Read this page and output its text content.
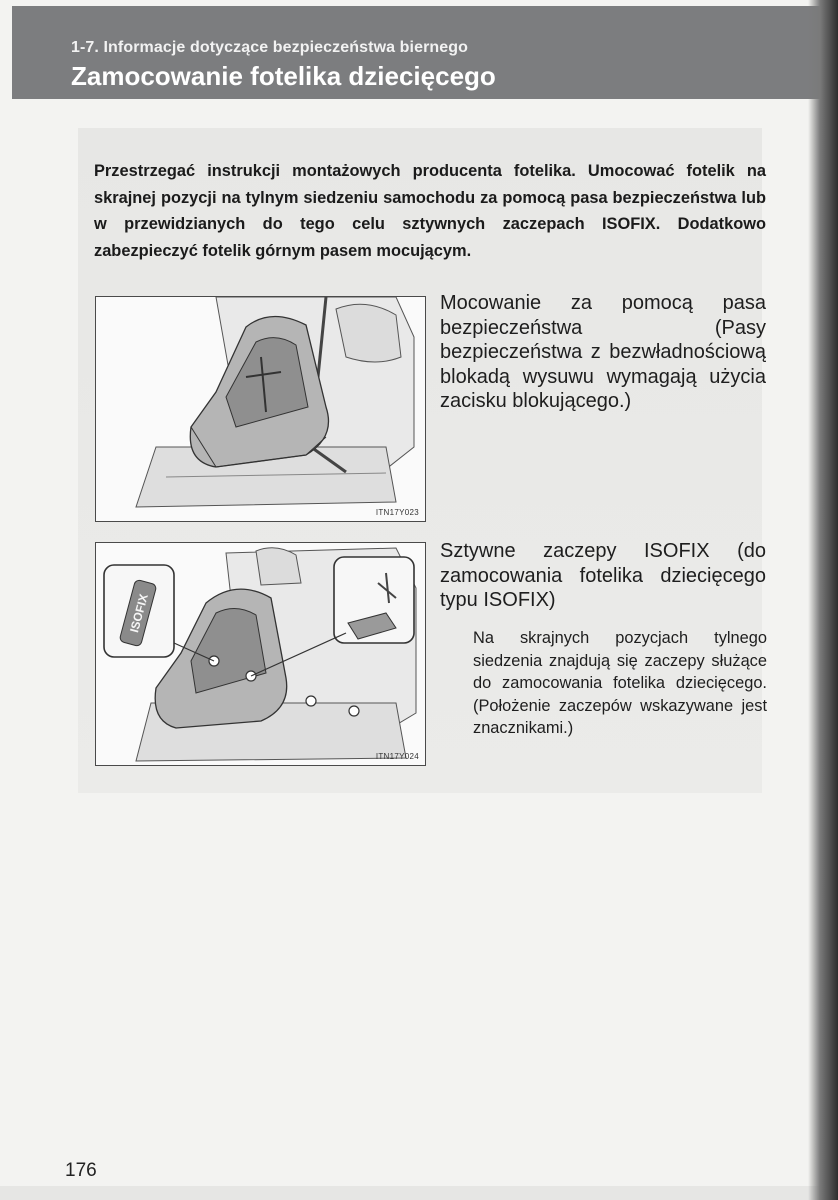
1-7. Informacje dotyczące bezpieczeństwa biernego
Zamocowanie fotelika dziecięcego

Przestrzegać instrukcji montażowych producenta fotelika. Umocować fotelik na skrajnej pozycji na tylnym siedzeniu samochodu za pomocą pasa bezpieczeństwa lub w przewidzianych do tego celu sztywnych zaczepach ISOFIX. Dodatkowo zabezpieczyć fotelik górnym pasem mocującym.

ITN17Y023

Mocowanie za pomocą pasa bezpieczeństwa (Pasy bezpieczeństwa z bezwładnościową blokadą wysuwu wymagają użycia zacisku blokującego.)

ISOFIX
ITN17Y024

Sztywne zaczepy ISOFIX (do zamocowania fotelika dziecięcego typu ISOFIX)

Na skrajnych pozycjach tylnego siedzenia znajdują się zaczepy służące do zamocowania fotelika dziecięcego. (Położenie zaczepów wskazywane jest znacznikami.)

176
